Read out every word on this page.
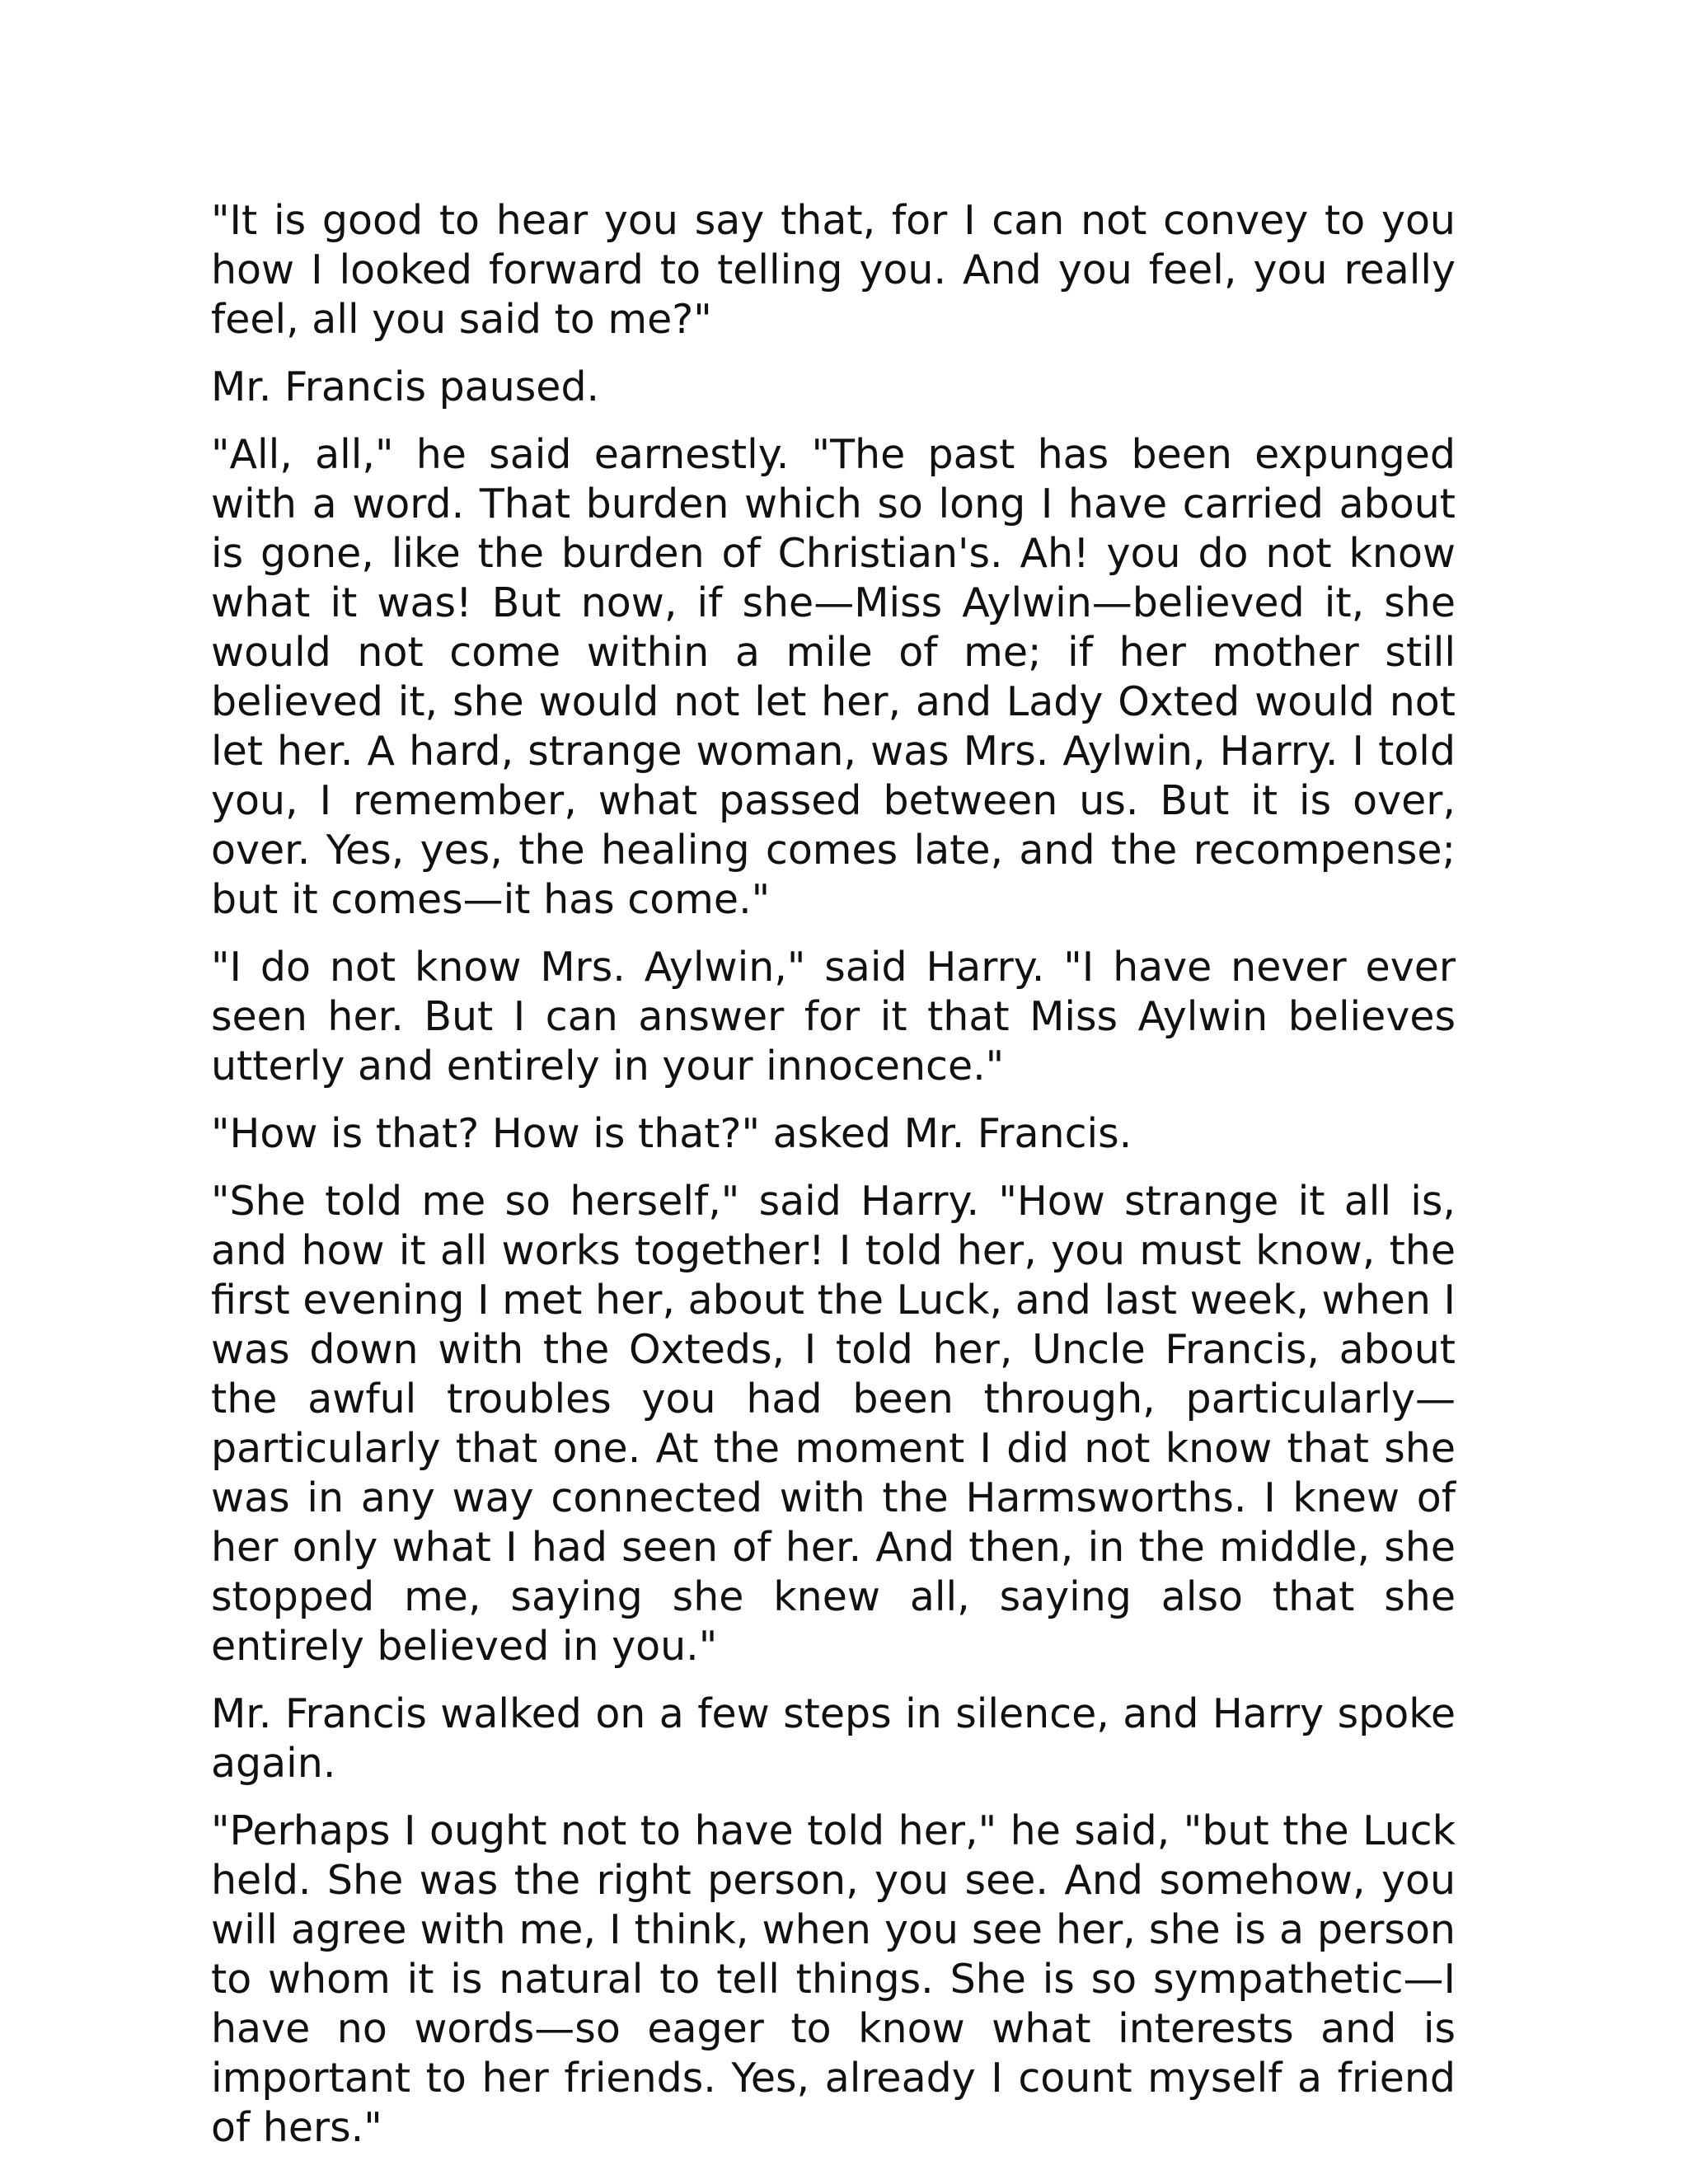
"It is good to hear you say that, for I can not convey to you how I looked forward to telling you. And you feel, you really feel, all you said to me?"

Mr. Francis paused.

"All, all," he said earnestly. "The past has been expunged with a word. That burden which so long I have carried about is gone, like the burden of Christian's. Ah! you do not know what it was! But now, if she—Miss Aylwin—believed it, she would not come within a mile of me; if her mother still believed it, she would not let her, and Lady Oxted would not let her. A hard, strange woman, was Mrs. Aylwin, Harry. I told you, I remember, what passed between us. But it is over, over. Yes, yes, the healing comes late, and the recompense; but it comes—it has come."

"I do not know Mrs. Aylwin," said Harry. "I have never ever seen her. But I can answer for it that Miss Aylwin believes utterly and entirely in your innocence."

"How is that? How is that?" asked Mr. Francis.

"She told me so herself," said Harry. "How strange it all is, and how it all works together! I told her, you must know, the first evening I met her, about the Luck, and last week, when I was down with the Oxteds, I told her, Uncle Francis, about the awful troubles you had been through, particularly—particularly that one. At the moment I did not know that she was in any way connected with the Harmsworths. I knew of her only what I had seen of her. And then, in the middle, she stopped me, saying she knew all, saying also that she entirely believed in you."

Mr. Francis walked on a few steps in silence, and Harry spoke again.

"Perhaps I ought not to have told her," he said, "but the Luck held. She was the right person, you see. And somehow, you will agree with me, I think, when you see her, she is a person to whom it is natural to tell things. She is so sympathetic—I have no words—so eager to know what interests and is important to her friends. Yes, already I count myself a friend of hers."
